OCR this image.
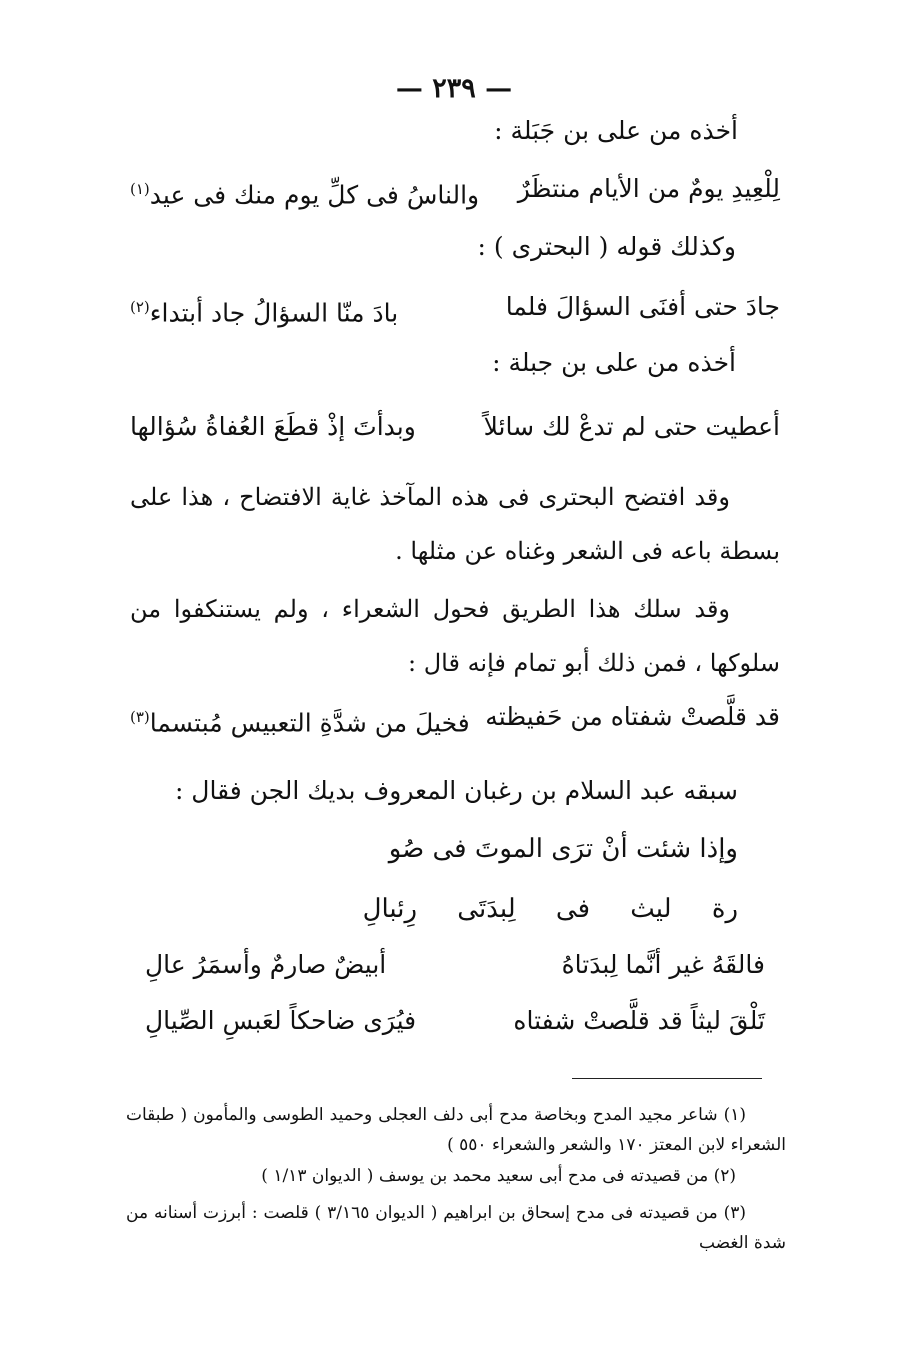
— ٢٣٩ —
أخذه من على بن جَبَلة :
لِلْعِيدِ يومٌ من الأيام منتظَرٌ
والناسُ فى كلِّ يوم منك فى عيد$^{(١)}$
وكذلك قوله ( البحترى ) :
جادَ حتى أفنَى السؤالَ فلما
بادَ منّا السؤالُ جاد أبتداء$^{(٢)}$
أخذه من على بن جبلة :
أعطيت حتى لم تدعْ لك سائلاً
وبدأتَ إذْ قطَعَ العُفاةُ سُؤالها
وقد افتضح البحترى فى هذه المآخذ غاية الافتضاح ، هذا على بسطة باعه فى الشعر وغناه عن مثلها .
وقد سلك هذا الطريق فحول الشعراء ، ولم يستنكفوا من سلوكها ، فمن ذلك أبو تمام فإنه قال :
قد قلَّصتْ شفتاه من حَفيظته
فخيلَ من شدَّةِ التعبيس مُبتسما$^{(٣)}$
سبقه عبد السلام بن رغبان المعروف بديك الجن فقال :
وإذا شئت أنْ ترَى الموتَ فى صُو
رة ليث فى لِبدَتَى رِئبالِ
فالقَهُ غير أنَّما لِبدَتاهُ
أبيضٌ صارمٌ وأسمَرُ عالِ
تَلْقَ ليثاً قد قلَّصتْ شفتاه
فيُرَى ضاحكاً لعَبسِ الصِّيالِ
(١) شاعر مجيد المدح وبخاصة مدح أبى دلف العجلى وحميد الطوسى والمأمون ( طبقات الشعراء لابن المعتز ١٧٠ والشعر والشعراء ٥٥٠ )
(٢) من قصيدته فى مدح أبى سعيد محمد بن يوسف ( الديوان ١/١٣ )
(٣) من قصيدته فى مدح إسحاق بن ابراهيم ( الديوان ٣/١٦٥ ) قلصت : أبرزت أسنانه من شدة الغضب
